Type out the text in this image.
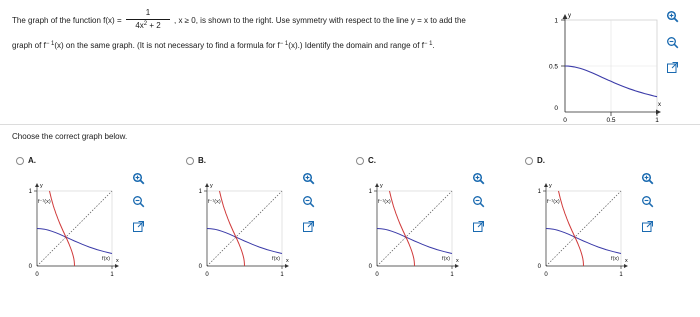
The graph of the function f(x) =
1
$4x^2 + 2$
, x ≥ 0, is shown to the right. Use symmetry with respect to the line y = x to add the
graph of $f^{- 1}(x)$ on the same graph. (It is not necessary to find a formula for $f^{- 1}(x)$.) Identify the domain and range of $f^{- 1}$.
1
0.5
0
0	0.5	1
x
y
Choose the correct graph below.
A.
1
0
0	1
x
y
f⁻¹(x)
f(x)
B.
1
0
0	1
x
y
f⁻¹(x)
f(x)
C.
1
0
0	1
x
y
f⁻¹(x)
f(x)
D.
1
0
0	1
x
y
f⁻¹(x)
f(x)
